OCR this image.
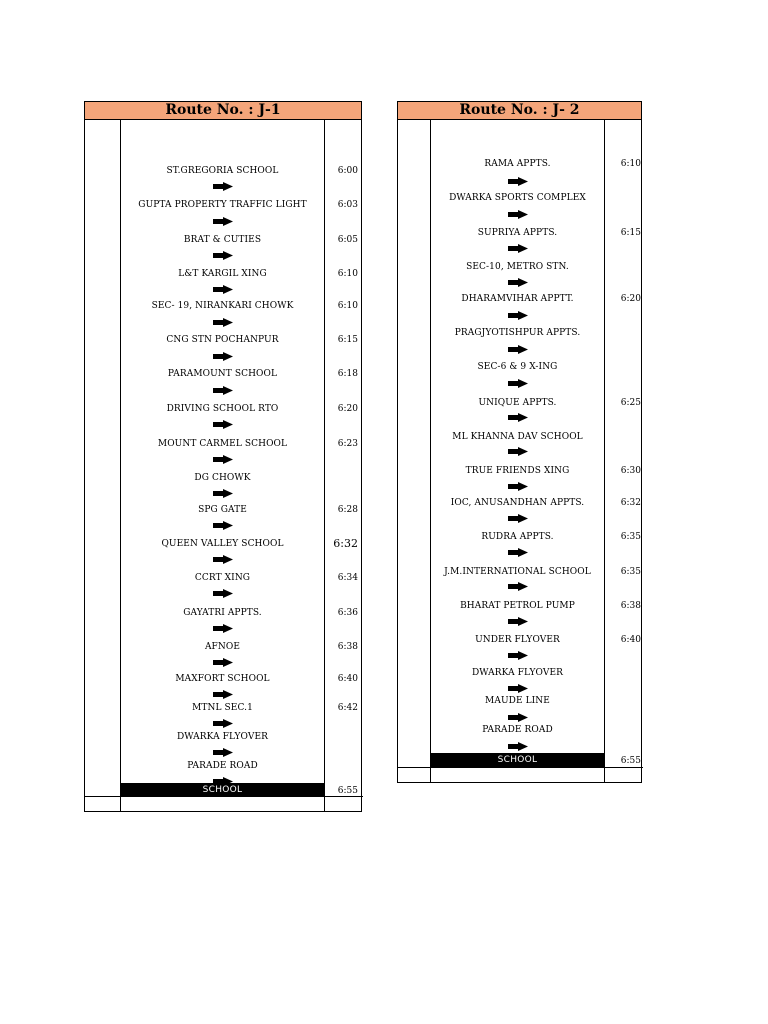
Route No. : J-1
ST.GREGORIA SCHOOL	6:00
GUPTA PROPERTY TRAFFIC LIGHT	6:03
BRAT & CUTIES	6:05
L&T KARGIL XING	6:10
SEC- 19, NIRANKARI CHOWK	6:10
CNG STN POCHANPUR	6:15
PARAMOUNT SCHOOL	6:18
DRIVING SCHOOL RTO	6:20
MOUNT CARMEL SCHOOL	6:23
DG CHOWK
SPG GATE	6:28
QUEEN VALLEY SCHOOL	6:32
CCRT XING	6:34
GAYATRI APPTS.	6:36
AFNOE	6:38
MAXFORT SCHOOL	6:40
MTNL SEC.1	6:42
DWARKA FLYOVER
PARADE ROAD
SCHOOL	6:55
Route No. : J- 2
RAMA APPTS.	6:10
DWARKA SPORTS COMPLEX
SUPRIYA APPTS.	6:15
SEC-10, METRO STN.
DHARAMVIHAR APPTT.	6:20
PRAGJYOTISHPUR APPTS.
SEC-6 & 9 X-ING
UNIQUE APPTS.	6:25
ML KHANNA DAV SCHOOL
TRUE FRIENDS XING	6:30
IOC, ANUSANDHAN APPTS.	6:32
RUDRA APPTS.	6:35
J.M.INTERNATIONAL SCHOOL	6:35
BHARAT PETROL PUMP	6:38
UNDER FLYOVER	6:40
DWARKA FLYOVER
MAUDE LINE
PARADE ROAD
SCHOOL	6:55
